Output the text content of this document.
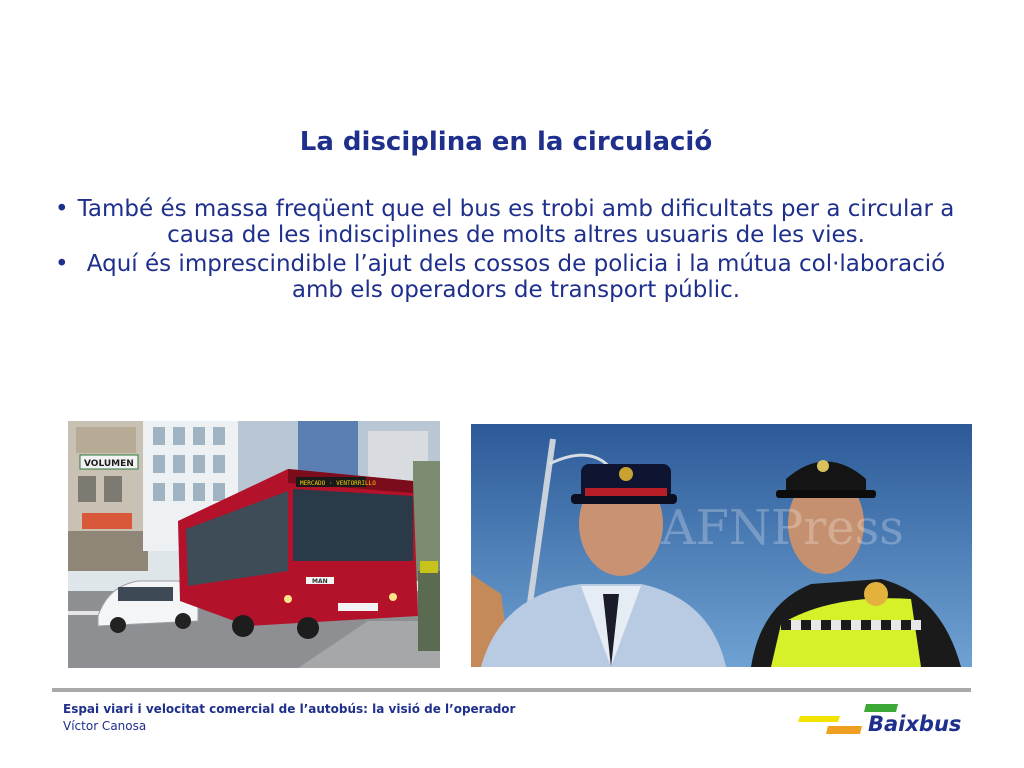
La disciplina en la circulació
• També és massa freqüent que el bus es trobi amb dificultats per a circular a causa de les indisciplines de molts altres usuaris de les vies.
• Aquí és imprescindible l’ajut dels cossos de policia i la mútua col·laboració amb els operadors de transport públic.
VOLUMEN
MERCADO · VENTORRILLO
MAN
AFNPress
Espai viari i velocitat comercial de l’autobús: la visió de l’operador
Víctor Canosa	Baixbus
